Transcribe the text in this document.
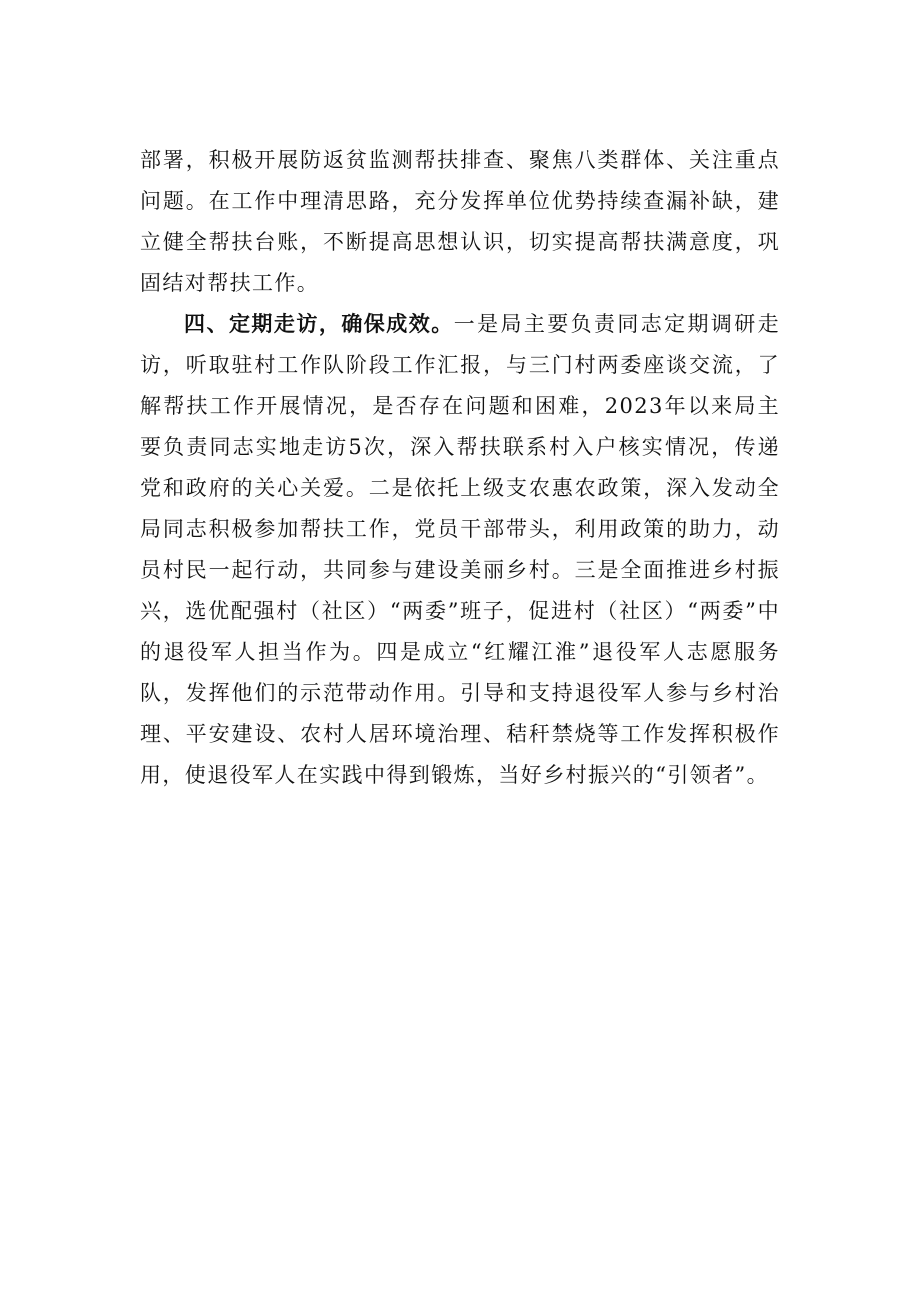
部署，积极开展防返贫监测帮扶排查、聚焦八类群体、关注重点问题。在工作中理清思路，充分发挥单位优势持续查漏补缺，建立健全帮扶台账，不断提高思想认识，切实提高帮扶满意度，巩固结对帮扶工作。

四、定期走访，确保成效。一是局主要负责同志定期调研走访，听取驻村工作队阶段工作汇报，与三门村两委座谈交流，了解帮扶工作开展情况，是否存在问题和困难，2023年以来局主要负责同志实地走访5次，深入帮扶联系村入户核实情况，传递党和政府的关心关爱。二是依托上级支农惠农政策，深入发动全局同志积极参加帮扶工作，党员干部带头，利用政策的助力，动员村民一起行动，共同参与建设美丽乡村。三是全面推进乡村振兴，选优配强村（社区）“两委”班子，促进村（社区）“两委”中的退役军人担当作为。四是成立“红耀江淮”退役军人志愿服务队，发挥他们的示范带动作用。引导和支持退役军人参与乡村治理、平安建设、农村人居环境治理、秸秆禁烧等工作发挥积极作用，使退役军人在实践中得到锻炼，当好乡村振兴的“引领者”。
